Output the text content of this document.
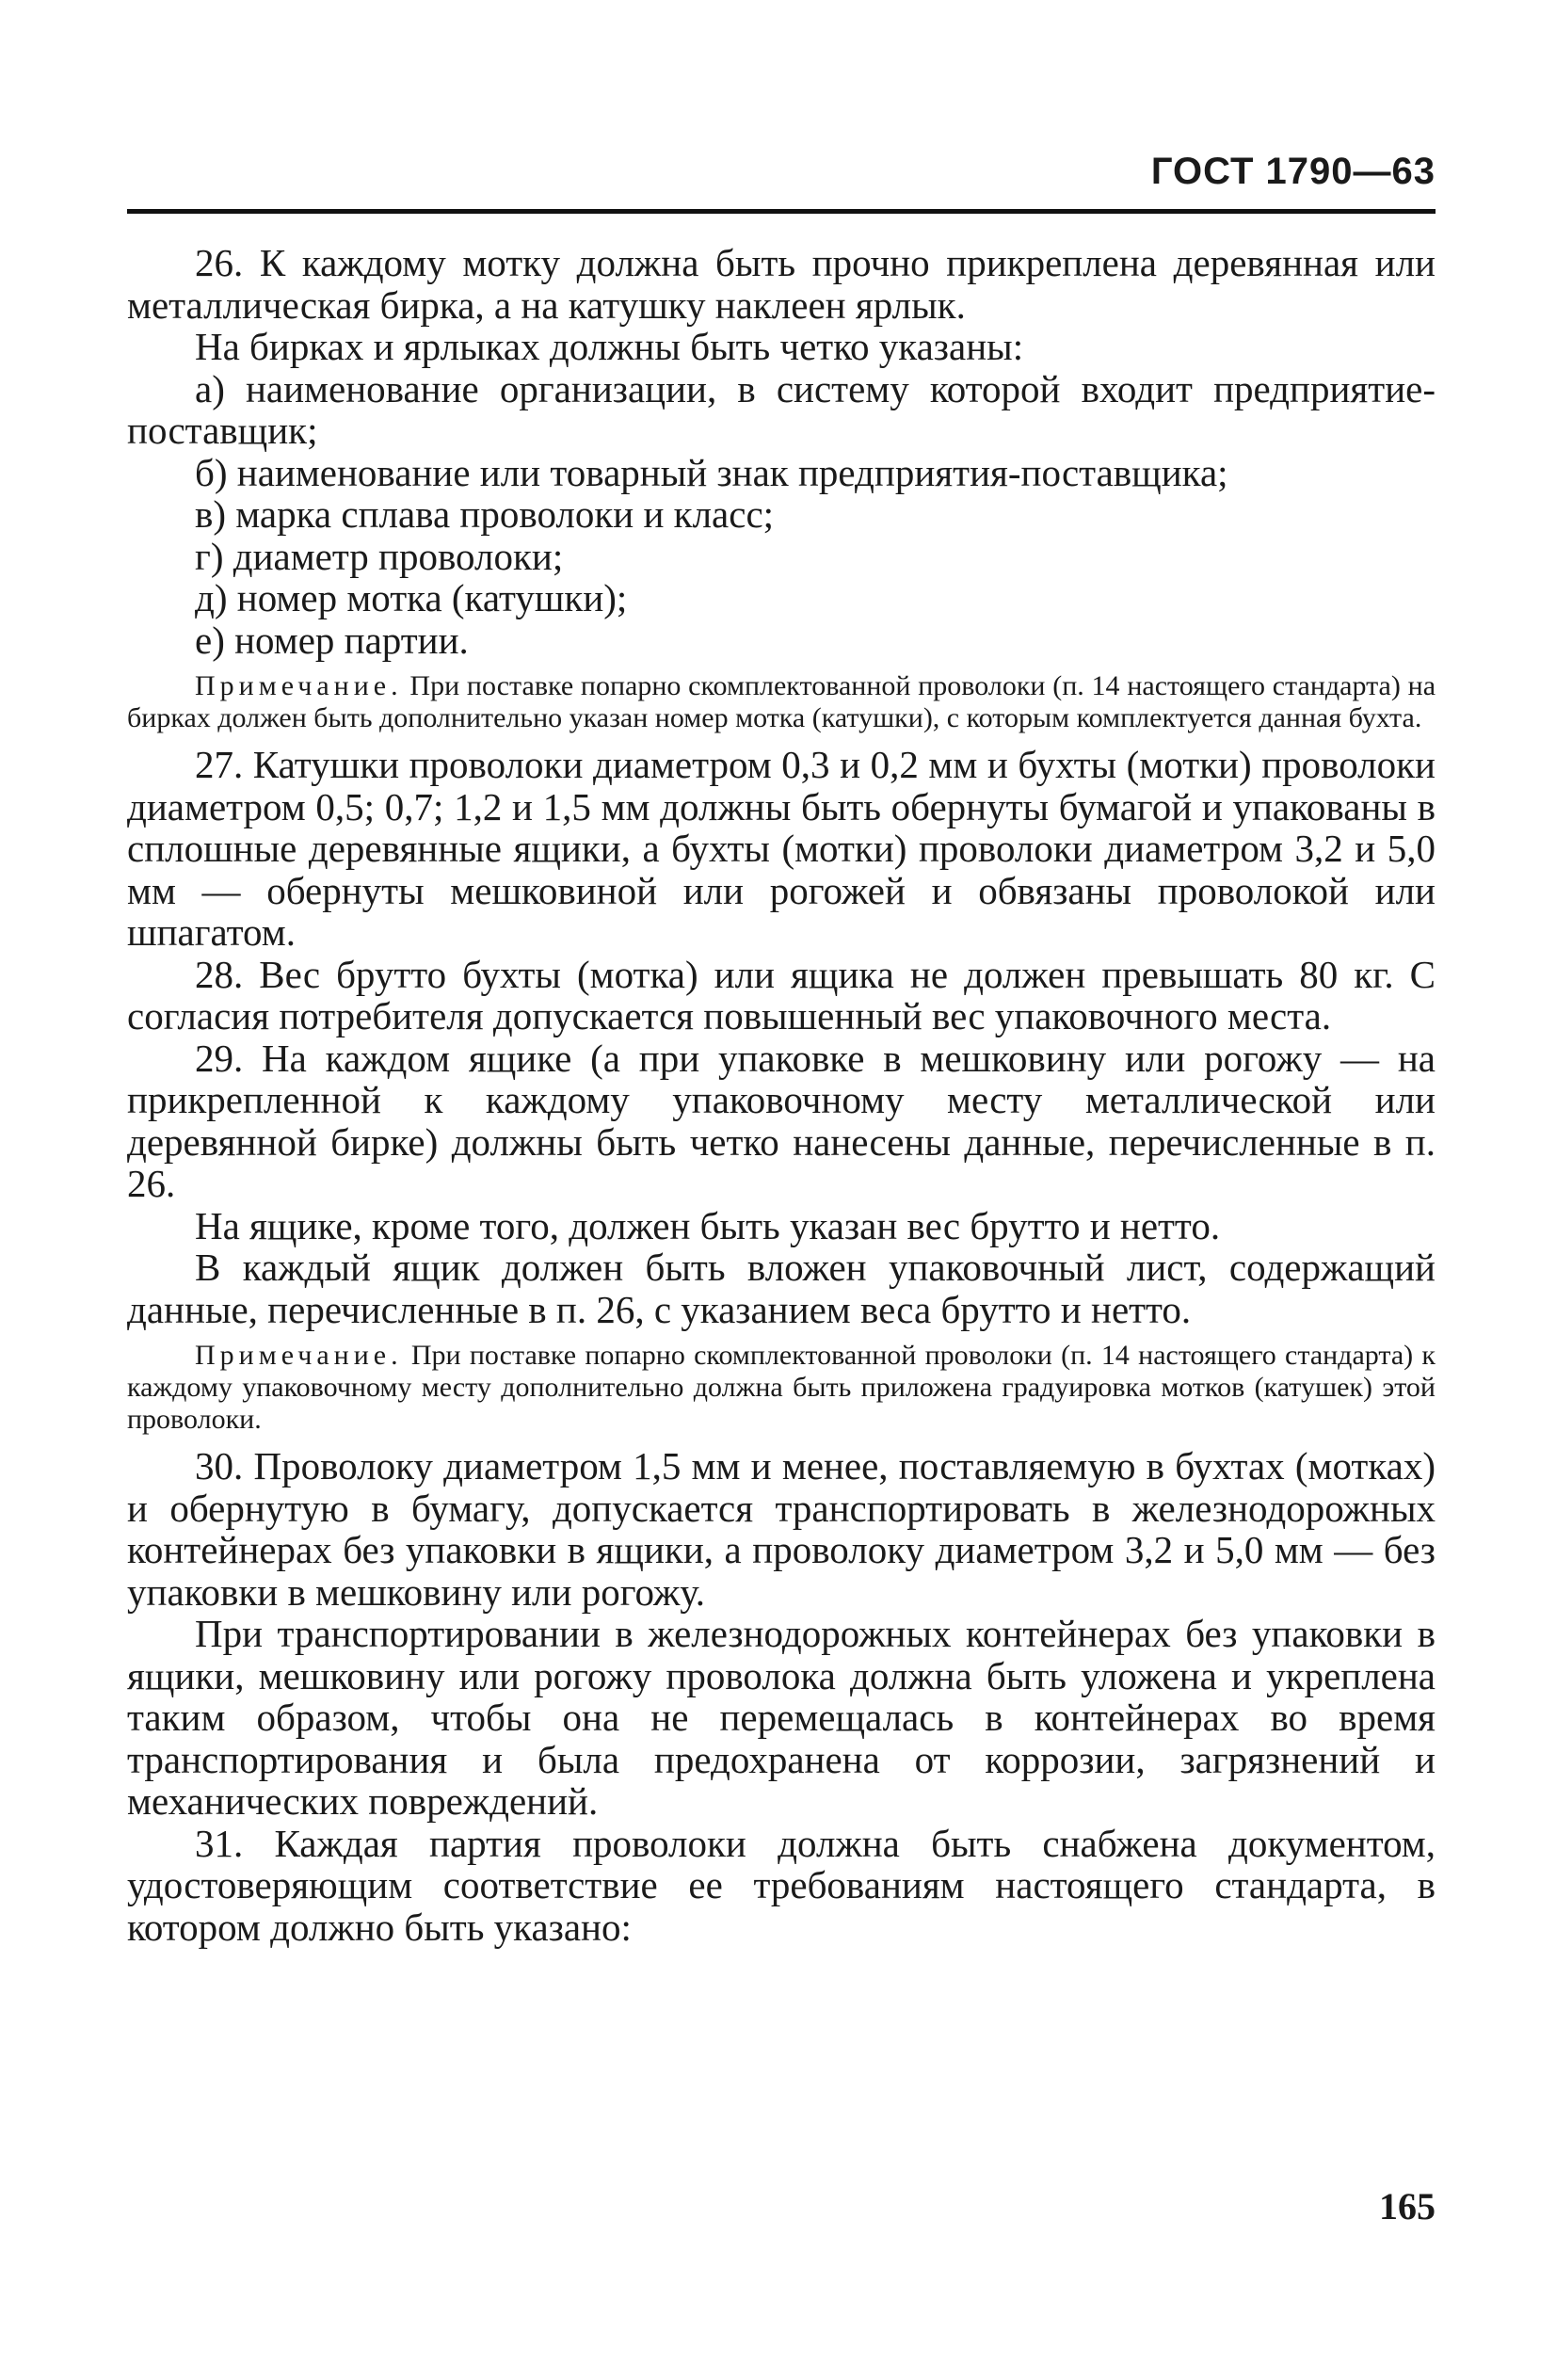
ГОСТ 1790—63

26. К каждому мотку должна быть прочно прикреплена деревянная или металлическая бирка, а на катушку наклеен ярлык.

На бирках и ярлыках должны быть четко указаны:

а) наименование организации, в систему которой входит предприятие-поставщик;

б) наименование или товарный знак предприятия-поставщика;

в) марка сплава проволоки и класс;

г) диаметр проволоки;

д) номер мотка (катушки);

е) номер партии.

Примечание. При поставке попарно скомплектованной проволоки (п. 14 настоящего стандарта) на бирках должен быть дополнительно указан номер мотка (катушки), с которым комплектуется данная бухта.

27. Катушки проволоки диаметром 0,3 и 0,2 мм и бухты (мотки) проволоки диаметром 0,5; 0,7; 1,2 и 1,5 мм должны быть обернуты бумагой и упакованы в сплошные деревянные ящики, а бухты (мотки) проволоки диаметром 3,2 и 5,0 мм — обернуты мешковиной или рогожей и обвязаны проволокой или шпагатом.

28. Вес брутто бухты (мотка) или ящика не должен превышать 80 кг. С согласия потребителя допускается повышенный вес упаковочного места.

29. На каждом ящике (а при упаковке в мешковину или рогожу — на прикрепленной к каждому упаковочному месту металлической или деревянной бирке) должны быть четко нанесены данные, перечисленные в п. 26.

На ящике, кроме того, должен быть указан вес брутто и нетто.

В каждый ящик должен быть вложен упаковочный лист, содержащий данные, перечисленные в п. 26, с указанием веса брутто и нетто.

Примечание. При поставке попарно скомплектованной проволоки (п. 14 настоящего стандарта) к каждому упаковочному месту дополнительно должна быть приложена градуировка мотков (катушек) этой проволоки.

30. Проволоку диаметром 1,5 мм и менее, поставляемую в бухтах (мотках) и обернутую в бумагу, допускается транспортировать в железнодорожных контейнерах без упаковки в ящики, а проволоку диаметром 3,2 и 5,0 мм — без упаковки в мешковину или рогожу.

При транспортировании в железнодорожных контейнерах без упаковки в ящики, мешковину или рогожу проволока должна быть уложена и укреплена таким образом, чтобы она не перемещалась в контейнерах во время транспортирования и была предохранена от коррозии, загрязнений и механических повреждений.

31. Каждая партия проволоки должна быть снабжена документом, удостоверяющим соответствие ее требованиям настоящего стандарта, в котором должно быть указано:

165
